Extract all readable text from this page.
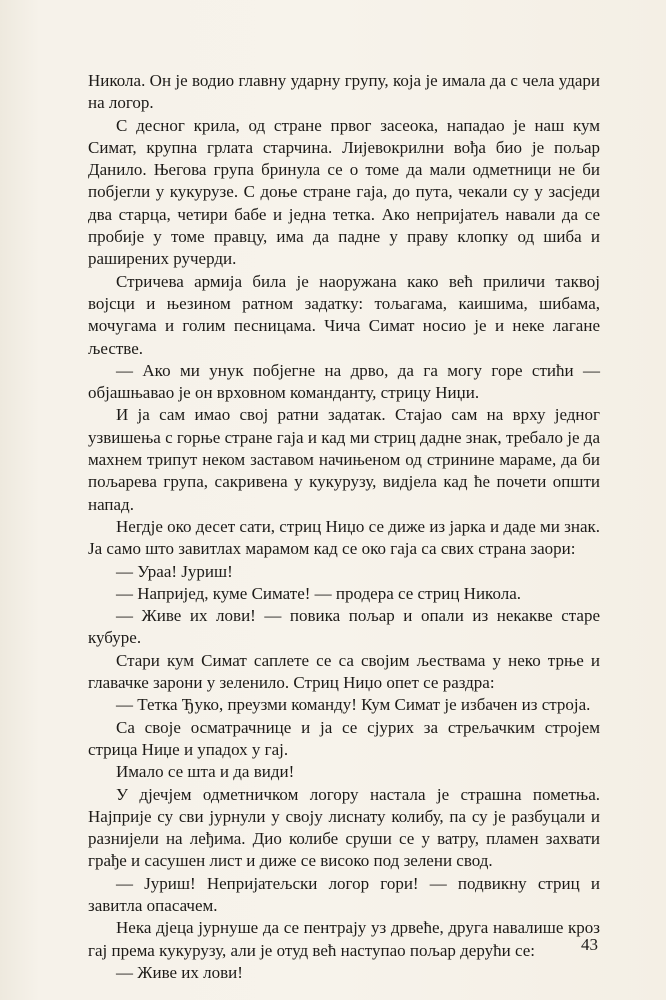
Никола. Он је водио главну ударну групу, која је имала да с чела удари на логор.

С десног крила, од стране првог засеока, нападао је наш кум Симат, крупна грлата старчина. Лијевокрилни вођа био је пољар Данило. Његова група бринула се о томе да мали одметници не би побјегли у кукурузе. С доње стране гаја, до пута, чекали су у засједи два старца, четири бабе и једна тетка. Ако непријатељ навали да се пробије у томе правцу, има да падне у праву клопку од шиба и раширених ручерди.

Стричева армија била је наоружана како већ приличи таквој војсци и њезином ратном задатку: тољагама, каишима, шибама, мочугама и голим песницама. Чича Симат носио је и неке лагане љестве.

— Ако ми унук побјегне на дрво, да га могу горе стићи — објашњавао је он врховном команданту, стрицу Ниџи.

И ја сам имао свој ратни задатак. Стајао сам на врху једног узвишења с горње стране гаја и кад ми стриц дадне знак, требало је да махнем трипут неком заставом начињеном од стринине мараме, да би пољарева група, сакривена у кукурузу, видјела кад ће почети општи напад.

Негдје око десет сати, стриц Ниџо се диже из јарка и даде ми знак. Ја само што завитлах марамом кад се око гаја са свих страна заори:

— Ураа! Јуриш!

— Напријед, куме Симате! — продера се стриц Никола.

— Живе их лови! — повика пољар и опали из некакве старе кубуре.

Стари кум Симат саплете се са својим љествама у неко трње и главачке зарони у зеленило. Стриц Ниџо опет се раздра:

— Тетка Ђуко, преузми команду! Кум Симат је избачен из строја.

Са своје осматрачнице и ја се сјурих за стрељачким стројем стрица Ниџе и упадох у гај.

Имало се шта и да види!

У дјечјем одметничком логору настала је страшна пометња. Најприје су сви јурнули у своју лиснату колибу, па су је разбуцали и разнијели на леђима. Дио колибе сруши се у ватру, пламен захвати грађе и сасушен лист и диже се високо под зелени свод.

— Јуриш! Непријатељски логор гори! — подвикну стриц и завитла опасачем.

Нека дјеца јурнуше да се пентрају уз дрвеће, друга навалише кроз гај према кукурузу, али је отуд већ наступао пољар дерући се:

— Живе их лови!

43
